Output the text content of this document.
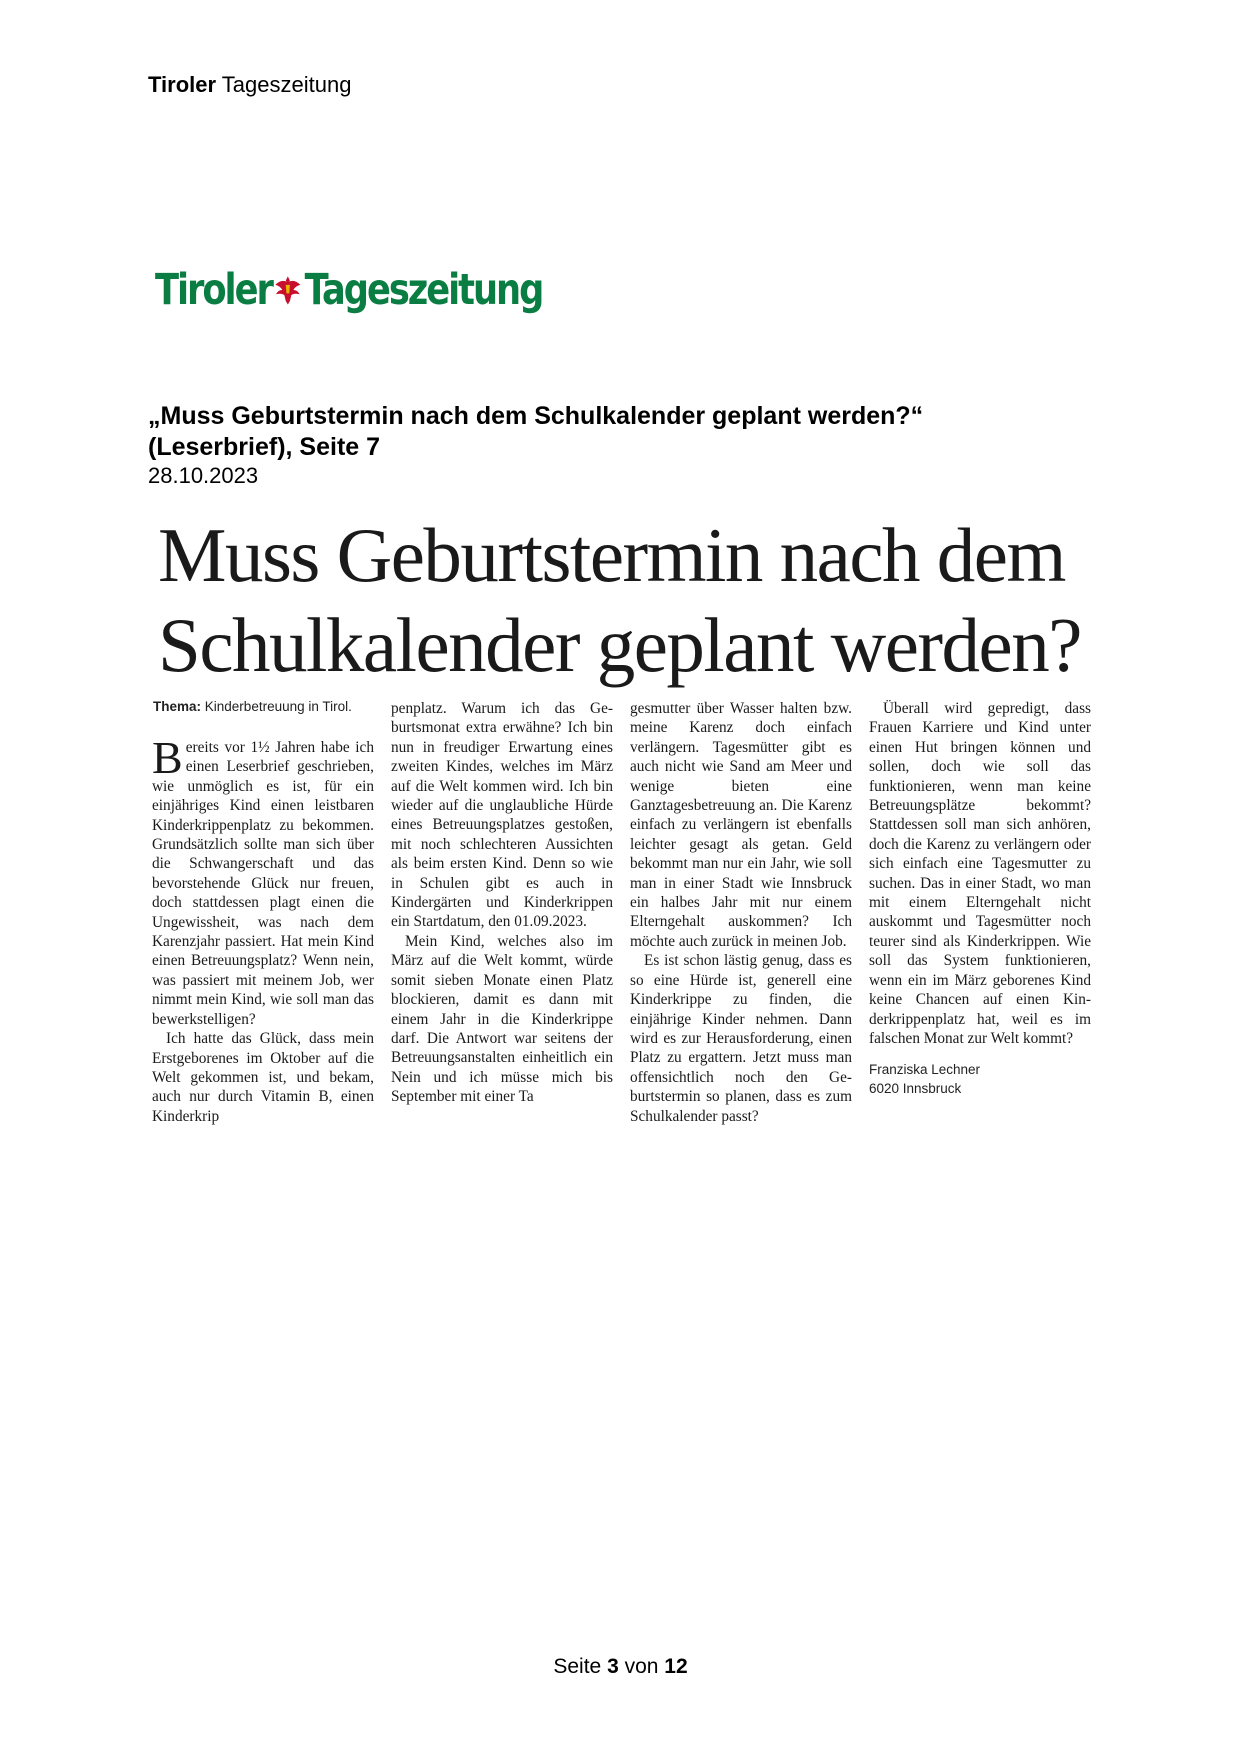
Tiroler Tageszeitung
Tiroler Tageszeitung
„Muss Geburtstermin nach dem Schulkalender geplant werden?“
(Leserbrief), Seite 7
28.10.2023
Muss Geburtstermin nach dem
Schulkalender geplant werden?
Thema: Kinderbetreuung in Tirol.

Bereits vor 1½ Jahren habe ich einen Leserbrief geschrieben, wie unmöglich es ist, für ein einjähriges Kind einen leistbaren Kinderkrippenplatz zu bekommen. Grundsätzlich sollte man sich über die Schwangerschaft und das bevorstehende Glück nur freuen, doch stattdessen plagt einen die Ungewissheit, was nach dem Karenzjahr passiert. Hat mein Kind einen Betreuungsplatz? Wenn nein, was passiert mit meinem Job, wer nimmt mein Kind, wie soll man das bewerkstelligen?

Ich hatte das Glück, dass mein Erstgeborenes im Oktober auf die Welt gekommen ist, und bekam, auch nur durch Vitamin B, einen Kinderkrip

penplatz. Warum ich das Geburtsmonat extra erwähne? Ich bin nun in freudiger Erwartung eines zweiten Kindes, welches im März auf die Welt kommen wird. Ich bin wieder auf die unglaubliche Hürde eines Betreuungsplatzes gestoßen, mit noch schlechteren Aussichten als beim ersten Kind. Denn so wie in Schulen gibt es auch in Kindergärten und Kinderkrippen ein Startdatum, den 01.09.2023.

Mein Kind, welches also im März auf die Welt kommt, würde somit sieben Monate einen Platz blockieren, damit es dann mit einem Jahr in die Kinderkrippe darf. Die Antwort war seitens der Betreuungsanstalten einheitlich ein Nein und ich müsse mich bis September mit einer Ta

gesmutter über Wasser halten bzw. meine Karenz doch einfach verlängern. Tagesmütter gibt es auch nicht wie Sand am Meer und wenige bieten eine Ganztagesbetreuung an. Die Karenz einfach zu verlängern ist ebenfalls leichter gesagt als getan. Geld bekommt man nur ein Jahr, wie soll man in einer Stadt wie Innsbruck ein halbes Jahr mit nur einem Elterngehalt auskommen? Ich möchte auch zurück in meinen Job.

Es ist schon lästig genug, dass es so eine Hürde ist, generell eine Kinderkrippe zu finden, die einjährige Kinder nehmen. Dann wird es zur Herausforderung, einen Platz zu ergattern. Jetzt muss man offensichtlich noch den Geburtstermin so planen, dass es zum Schulkalender passt?

Überall wird gepredigt, dass Frauen Karriere und Kind unter einen Hut bringen können und sollen, doch wie soll das funktionieren, wenn man keine Betreuungsplätze bekommt? Stattdessen soll man sich anhören, doch die Karenz zu verlängern oder sich einfach eine Tagesmutter zu suchen. Das in einer Stadt, wo man mit einem Elterngehalt nicht auskommt und Tagesmütter noch teurer sind als Kinderkrippen. Wie soll das System funktionieren, wenn ein im März geborenes Kind keine Chancen auf einen Kinderkrippenplatz hat, weil es im falschen Monat zur Welt kommt?

Franziska Lechner
6020 Innsbruck
Seite 3 von 12
